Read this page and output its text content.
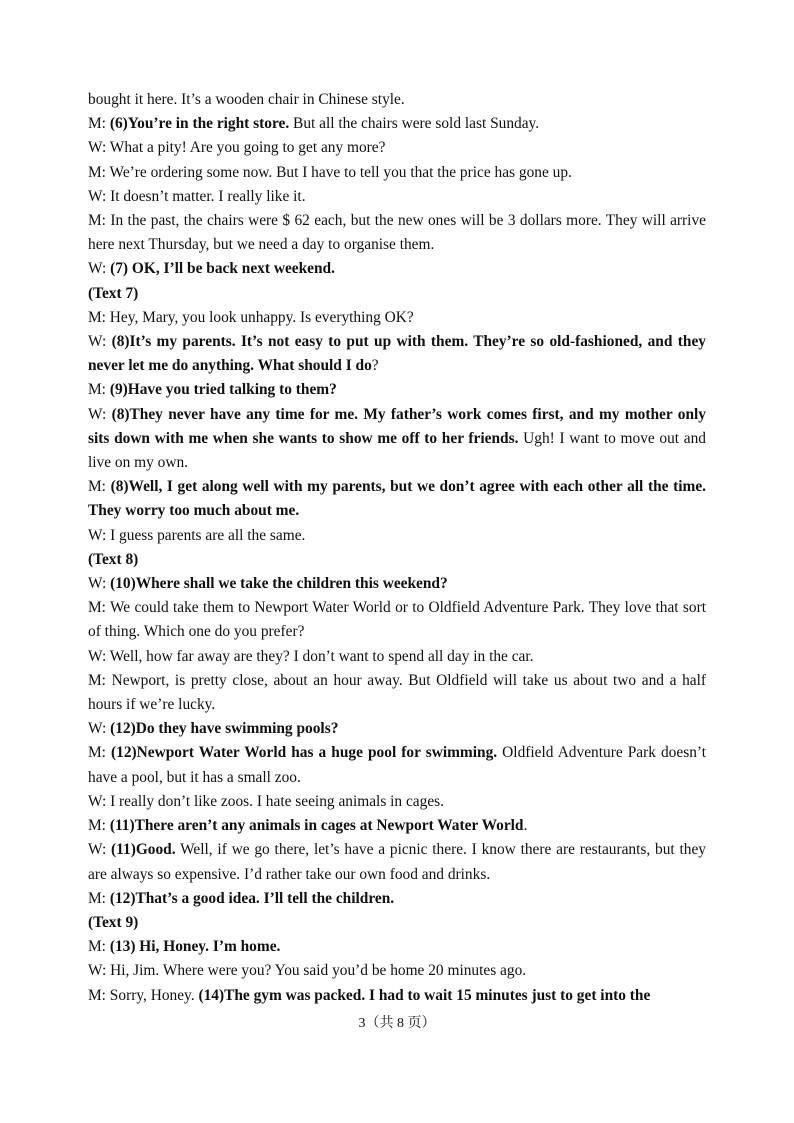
bought it here. It’s a wooden chair in Chinese style.

M: (6)You’re in the right store. But all the chairs were sold last Sunday.

W: What a pity! Are you going to get any more?

M: We’re ordering some now. But I have to tell you that the price has gone up.

W: It doesn’t matter. I really like it.

M: In the past, the chairs were $ 62 each, but the new ones will be 3 dollars more. They will arrive here next Thursday, but we need a day to organise them.

W: (7) OK, I’ll be back next weekend.

(Text 7)

M: Hey, Mary, you look unhappy. Is everything OK?

W: (8)It’s my parents. It’s not easy to put up with them. They’re so old-fashioned, and they never let me do anything. What should I do?

M: (9)Have you tried talking to them?

W: (8)They never have any time for me. My father’s work comes first, and my mother only sits down with me when she wants to show me off to her friends. Ugh! I want to move out and live on my own.

M: (8)Well, I get along well with my parents, but we don’t agree with each other all the time. They worry too much about me.

W: I guess parents are all the same.

(Text 8)

W: (10)Where shall we take the children this weekend?

M: We could take them to Newport Water World or to Oldfield Adventure Park. They love that sort of thing. Which one do you prefer?

W: Well, how far away are they? I don’t want to spend all day in the car.

M: Newport, is pretty close, about an hour away. But Oldfield will take us about two and a half hours if we’re lucky.

W: (12)Do they have swimming pools?

M: (12)Newport Water World has a huge pool for swimming. Oldfield Adventure Park doesn’t have a pool, but it has a small zoo.

W: I really don’t like zoos. I hate seeing animals in cages.

M: (11)There aren’t any animals in cages at Newport Water World.

W: (11)Good. Well, if we go there, let’s have a picnic there. I know there are restaurants, but they are always so expensive. I’d rather take our own food and drinks.

M: (12)That’s a good idea. I’ll tell the children.

(Text 9)

M: (13) Hi, Honey. I’m home.

W: Hi, Jim. Where were you? You said you’d be home 20 minutes ago.

M: Sorry, Honey. (14)The gym was packed. I had to wait 15 minutes just to get into the

3（共 8 页）
